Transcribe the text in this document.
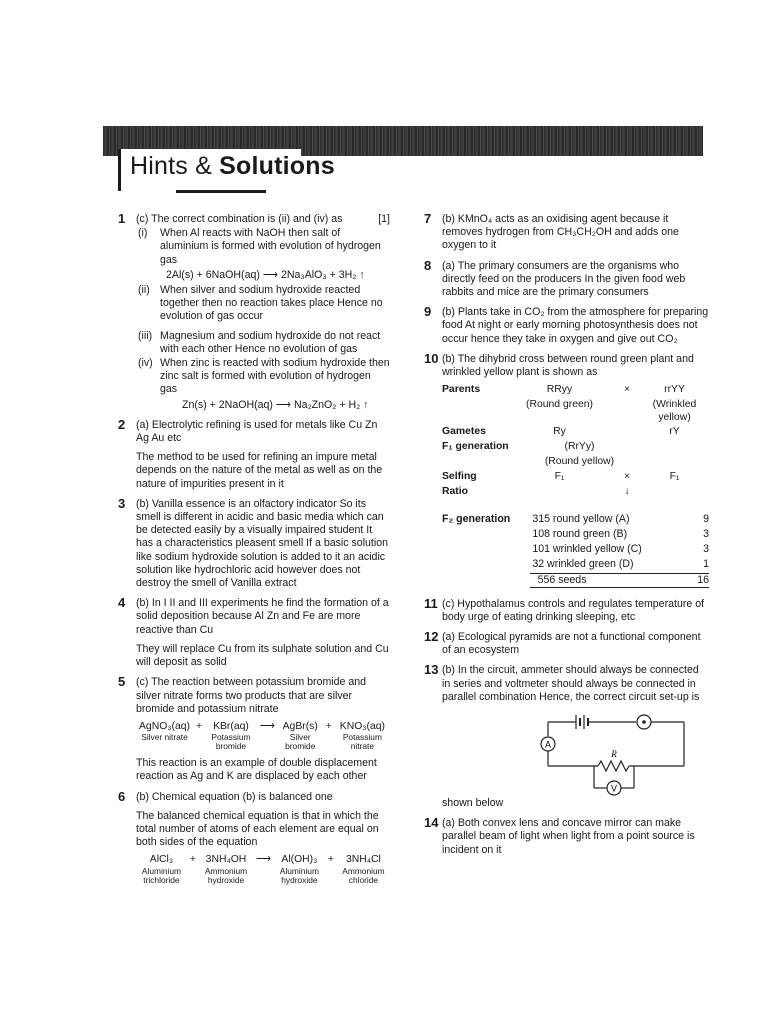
Hints & Solutions
1	[1]
(c) The correct combination is (ii) and (iv) as
(i) When Al reacts with NaOH then salt of aluminium is formed with evolution of hydrogen gas
2Al(s) + 6NaOH(aq) ⟶ 2Na₃AlO₃ + 3H₂ ↑
(ii) When silver and sodium hydroxide reacted together then no reaction takes place Hence no evolution of gas occur
(iii) Magnesium and sodium hydroxide do not react with each other Hence no evolution of gas
(iv) When zinc is reacted with sodium hydroxide then zinc salt is formed with evolution of hydrogen gas
Zn(s) + 2NaOH(aq) ⟶ Na₂ZnO₂ + H₂ ↑
2 (a) Electrolytic refining is used for metals like Cu Zn Ag Au etc
The method to be used for refining an impure metal depends on the nature of the metal as well as on the nature of impurities present in it
3 (b) Vanilla essence is an olfactory indicator So its smell is different in acidic and basic media which can be detected easily by a visually impaired student It has a characteristics pleasent smell If a basic solution like sodium hydroxide solution is added to it an acidic solution like hydrochloric acid however does not destroy the smell of Vanilla extract
4 (b) In I II and III experiments he find the formation of a solid deposition because Al Zn and Fe are more reactive than Cu
They will replace Cu from its sulphate solution and Cu will deposit as solid
5 (c) The reaction between potassium bromide and silver nitrate forms two products that are silver bromide and potassium nitrate
AgNO₃(aq)	+	KBr(aq)	⟶	AgBr(s)	+	KNO₃(aq)
Silver nitrate		Potassium bromide		Silver bromide		Potassium nitrate
This reaction is an example of double displacement reaction as Ag and K are displaced by each other
6 (b) Chemical equation (b) is balanced one
The balanced chemical equation is that in which the total number of atoms of each element are equal on both sides of the equation
AlCl₃	+	3NH₄OH	⟶	Al(OH)₃	+	3NH₄Cl
Aluminium trichloride		Ammonium hydroxide		Aluminium hydroxide		Ammonium chloride
7 (b) KMnO₄ acts as an oxidising agent because it removes hydrogen from CH₃CH₂OH and adds one oxygen to it
8 (a) The primary consumers are the organisms who directly feed on the producers In the given food web rabbits and mice are the primary consumers
9 (b) Plants take in CO₂ from the atmosphere for preparing food At night or early morning photosynthesis does not occur hence they take in oxygen and give out CO₂
10 (b) The dihybrid cross between round green plant and wrinkled yellow plant is shown as
Parents	RRyy	×	rrYY
(Round green)	(Wrinkled yellow)
Gametes	Ry	rY
F₁ generation	(RrYy)
(Round yellow)
Selfing	F₁	×	F₁
Ratio	↓
F₂ generation	315 round yellow (A)	9
108 round green (B)	3
101 wrinkled yellow (C)	3
32 wrinkled green (D)	1
556 seeds	16
11 (c) Hypothalamus controls and regulates temperature of body urge of eating drinking sleeping, etc
12 (a) Ecological pyramids are not a functional component of an ecosystem
13 (b) In the circuit, ammeter should always be connected in series and voltmeter should always be connected in parallel combination Hence, the correct circuit set-up is shown below
A
R
V
14 (a) Both convex lens and concave mirror can make parallel beam of light when light from a point source is incident on it
